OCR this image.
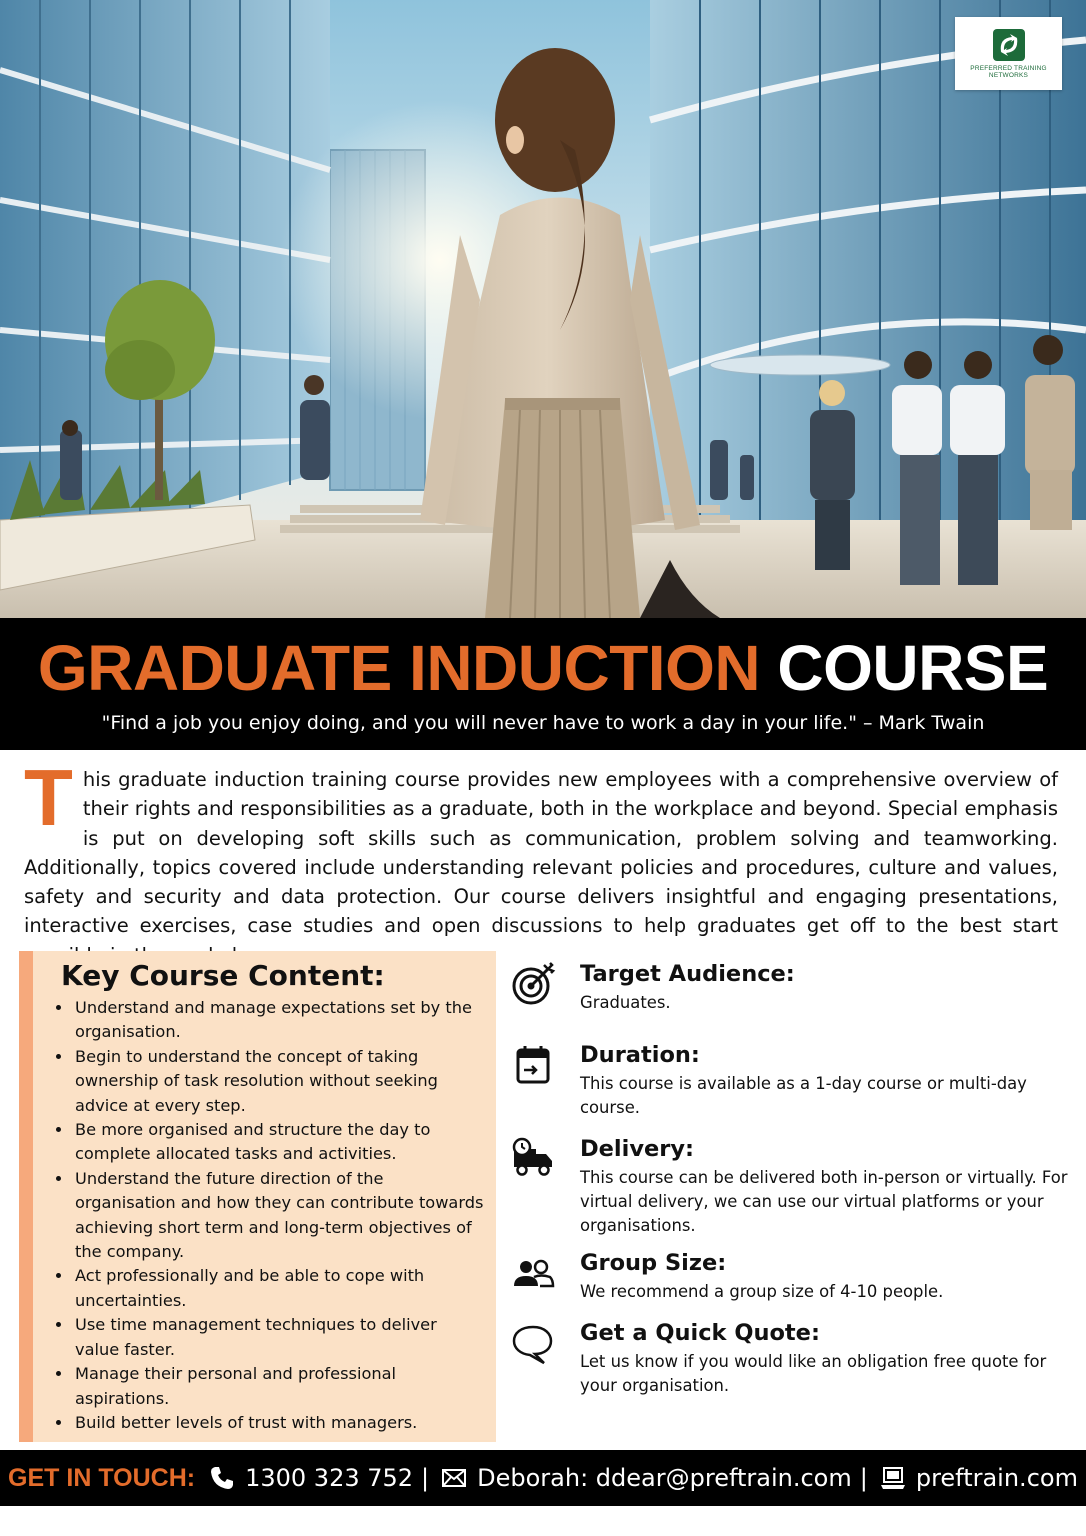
PREFERRED TRAINING
NETWORKS
GRADUATE INDUCTION COURSE
"Find a job you enjoy doing, and you will never have to work a day in your life." – Mark Twain
This graduate induction training course provides new employees with a comprehensive overview of their rights and responsibilities as a graduate, both in the workplace and beyond. Special emphasis is put on developing soft skills such as communication, problem solving and teamworking. Additionally, topics covered include understanding relevant policies and procedures, culture and values, safety and security and data protection. Our course delivers insightful and engaging presentations, interactive exercises, case studies and open discussions to help graduates get off to the best start
Key Course Content:
• Understand and manage expectations set by the organisation.
• Begin to understand the concept of taking ownership of task resolution without seeking advice at every step.
• Be more organised and structure the day to complete allocated tasks and activities.
• Understand the future direction of the organisation and how they can contribute towards achieving short term and long-term objectives of the company.
• Act professionally and be able to cope with uncertainties.
• Use time management techniques to deliver value faster.
• Manage their personal and professional aspirations.
• Build better levels of trust with managers.
Target Audience:

Graduates.

Duration:

This course is available as a 1-day course or multi-day course.

Delivery:

This course can be delivered both in-person or virtually. For virtual delivery, we can use our virtual platforms or your organisations.

Group Size:

We recommend a group size of 4-10 people.

Get a Quick Quote:

Let us know if you would like an obligation free quote for your organisation.

GET IN TOUCH: 1300 323 752 | Deborah: ddear@preftrain.com | preftrain.com
